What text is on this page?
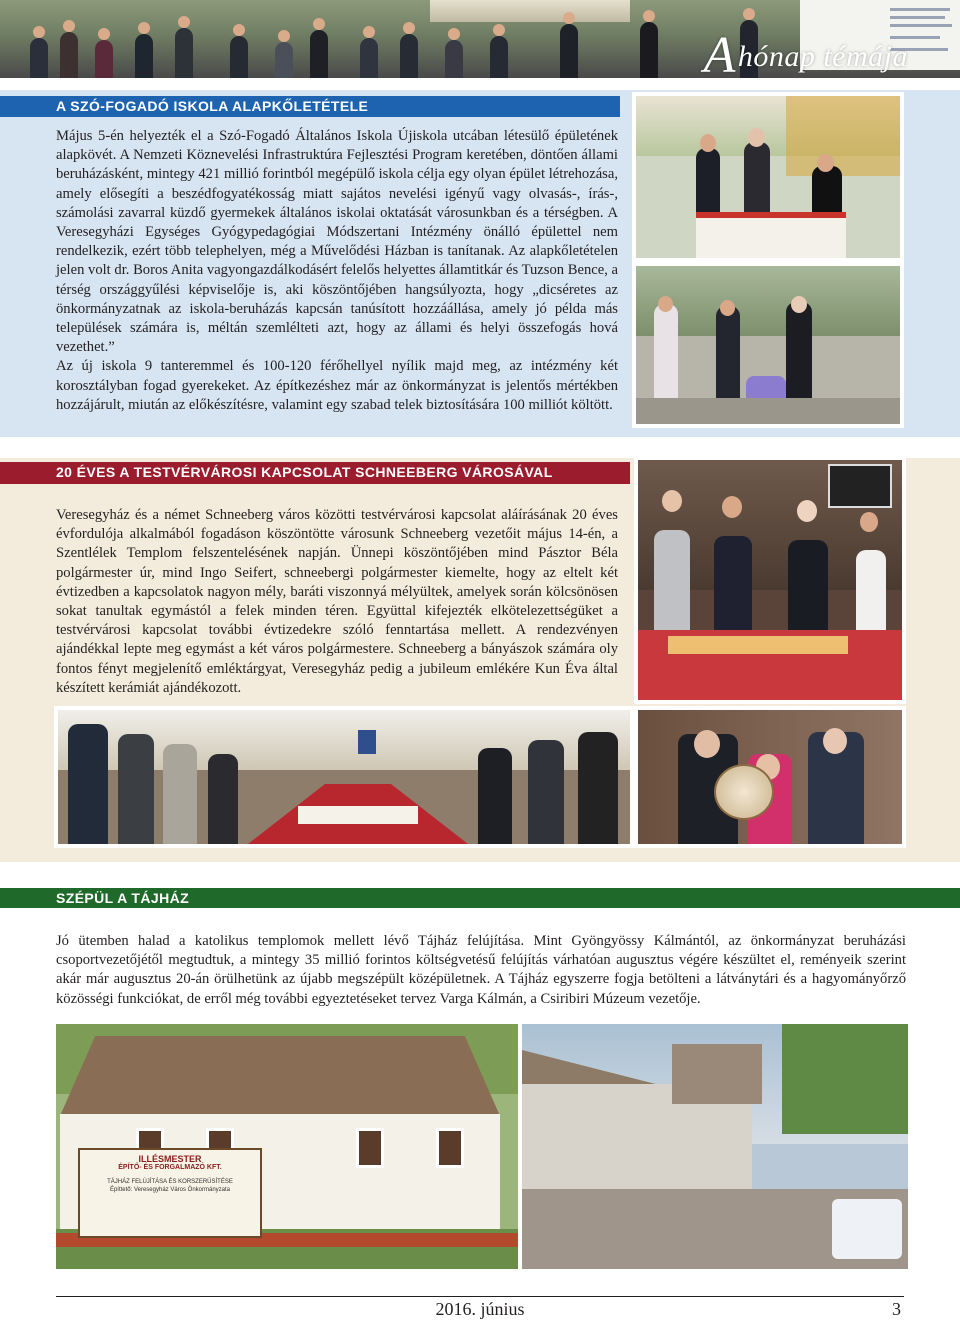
Ahónap témája
A SZÓ-FOGADÓ ISKOLA ALAPKŐLETÉTELE

Május 5-én helyezték el a Szó-Fogadó Általános Iskola Újiskola utcában létesülő épületének alapkövét. A Nemzeti Köznevelési Infrastruktúra Fejlesztési Program keretében, döntően állami beruházásként, mintegy 421 millió forintból megépülő iskola célja egy olyan épület létrehozása, amely elősegíti a beszédfogyatékosság miatt sajátos nevelési igényű vagy olvasás-, írás-, számolási zavarral küzdő gyermekek általános iskolai oktatását városunkban és a térségben. A Veresegyházi Egységes Gyógypedagógiai Módszertani Intézmény önálló épülettel nem rendelkezik, ezért több telephelyen, még a Művelődési Házban is tanítanak. Az alapkőletételen jelen volt dr. Boros Anita vagyongazdálkodásért felelős helyettes államtitkár és Tuzson Bence, a térség országgyűlési képviselője is, aki köszöntőjében hangsúlyozta, hogy „dicséretes az önkormányzatnak az iskola-beruházás kapcsán tanúsított hozzáállása, amely jó példa más települések számára is, méltán szemlélteti azt, hogy az állami és helyi összefogás hová vezethet.”

Az új iskola 9 tanteremmel és 100-120 férőhellyel nyílik majd meg, az intézmény két korosztályban fogad gyerekeket. Az építkezéshez már az önkormányzat is jelentős mértékben hozzájárult, miután az előkészítésre, valamint egy szabad telek biztosítására 100 milliót költött.

20 ÉVES A TESTVÉRVÁROSI KAPCSOLAT SCHNEEBERG VÁROSÁVAL

Veresegyház és a német Schneeberg város közötti testvérvárosi kapcsolat aláírásának 20 éves évfordulója alkalmából fogadáson köszöntötte városunk Schneeberg vezetőit május 14-én, a Szentlélek Templom felszentelésének napján. Ünnepi köszöntőjében mind Pásztor Béla polgármester úr, mind Ingo Seifert, schneebergi polgármester kiemelte, hogy az eltelt két évtizedben a kapcsolatok nagyon mély, baráti viszonnyá mélyültek, amelyek során kölcsönösen sokat tanultak egymástól a felek minden téren. Együttal kifejezték elkötelezettségüket a testvérvárosi kapcsolat további évtizedekre szóló fenntartása mellett. A rendezvényen ajándékkal lepte meg egymást a két város polgármestere. Schneeberg a bányászok számára oly fontos fényt megjelenítő emléktárgyat, Veresegyház pedig a jubileum emlékére Kun Éva által készített kerámiát ajándékozott.

SZÉPÜL A TÁJHÁZ

Jó ütemben halad a katolikus templomok mellett lévő Tájház felújítása. Mint Gyöngyössy Kálmántól, az önkormányzat beruházási csoportvezetőjétől megtudtuk, a mintegy 35 millió forintos költségvetésű felújítás várhatóan augusztus végére készültet el, reményeik szerint akár már augusztus 20-án örülhetünk az újabb megszépült középületnek. A Tájház egyszerre fogja betölteni a látványtári és a hagyományőrző közösségi funkciókat, de erről még további egyeztetéseket tervez Varga Kálmán, a Csiribiri Múzeum vezetője.

ILLÉSMESTER
ÉPÍTŐ- ÉS FORGALMAZÓ KFT.
TÁJHÁZ FELÚJÍTÁSA ÉS KORSZERŰSÍTÉSE
Építtető: Veresegyház Város Önkormányzata
2016. június	3
